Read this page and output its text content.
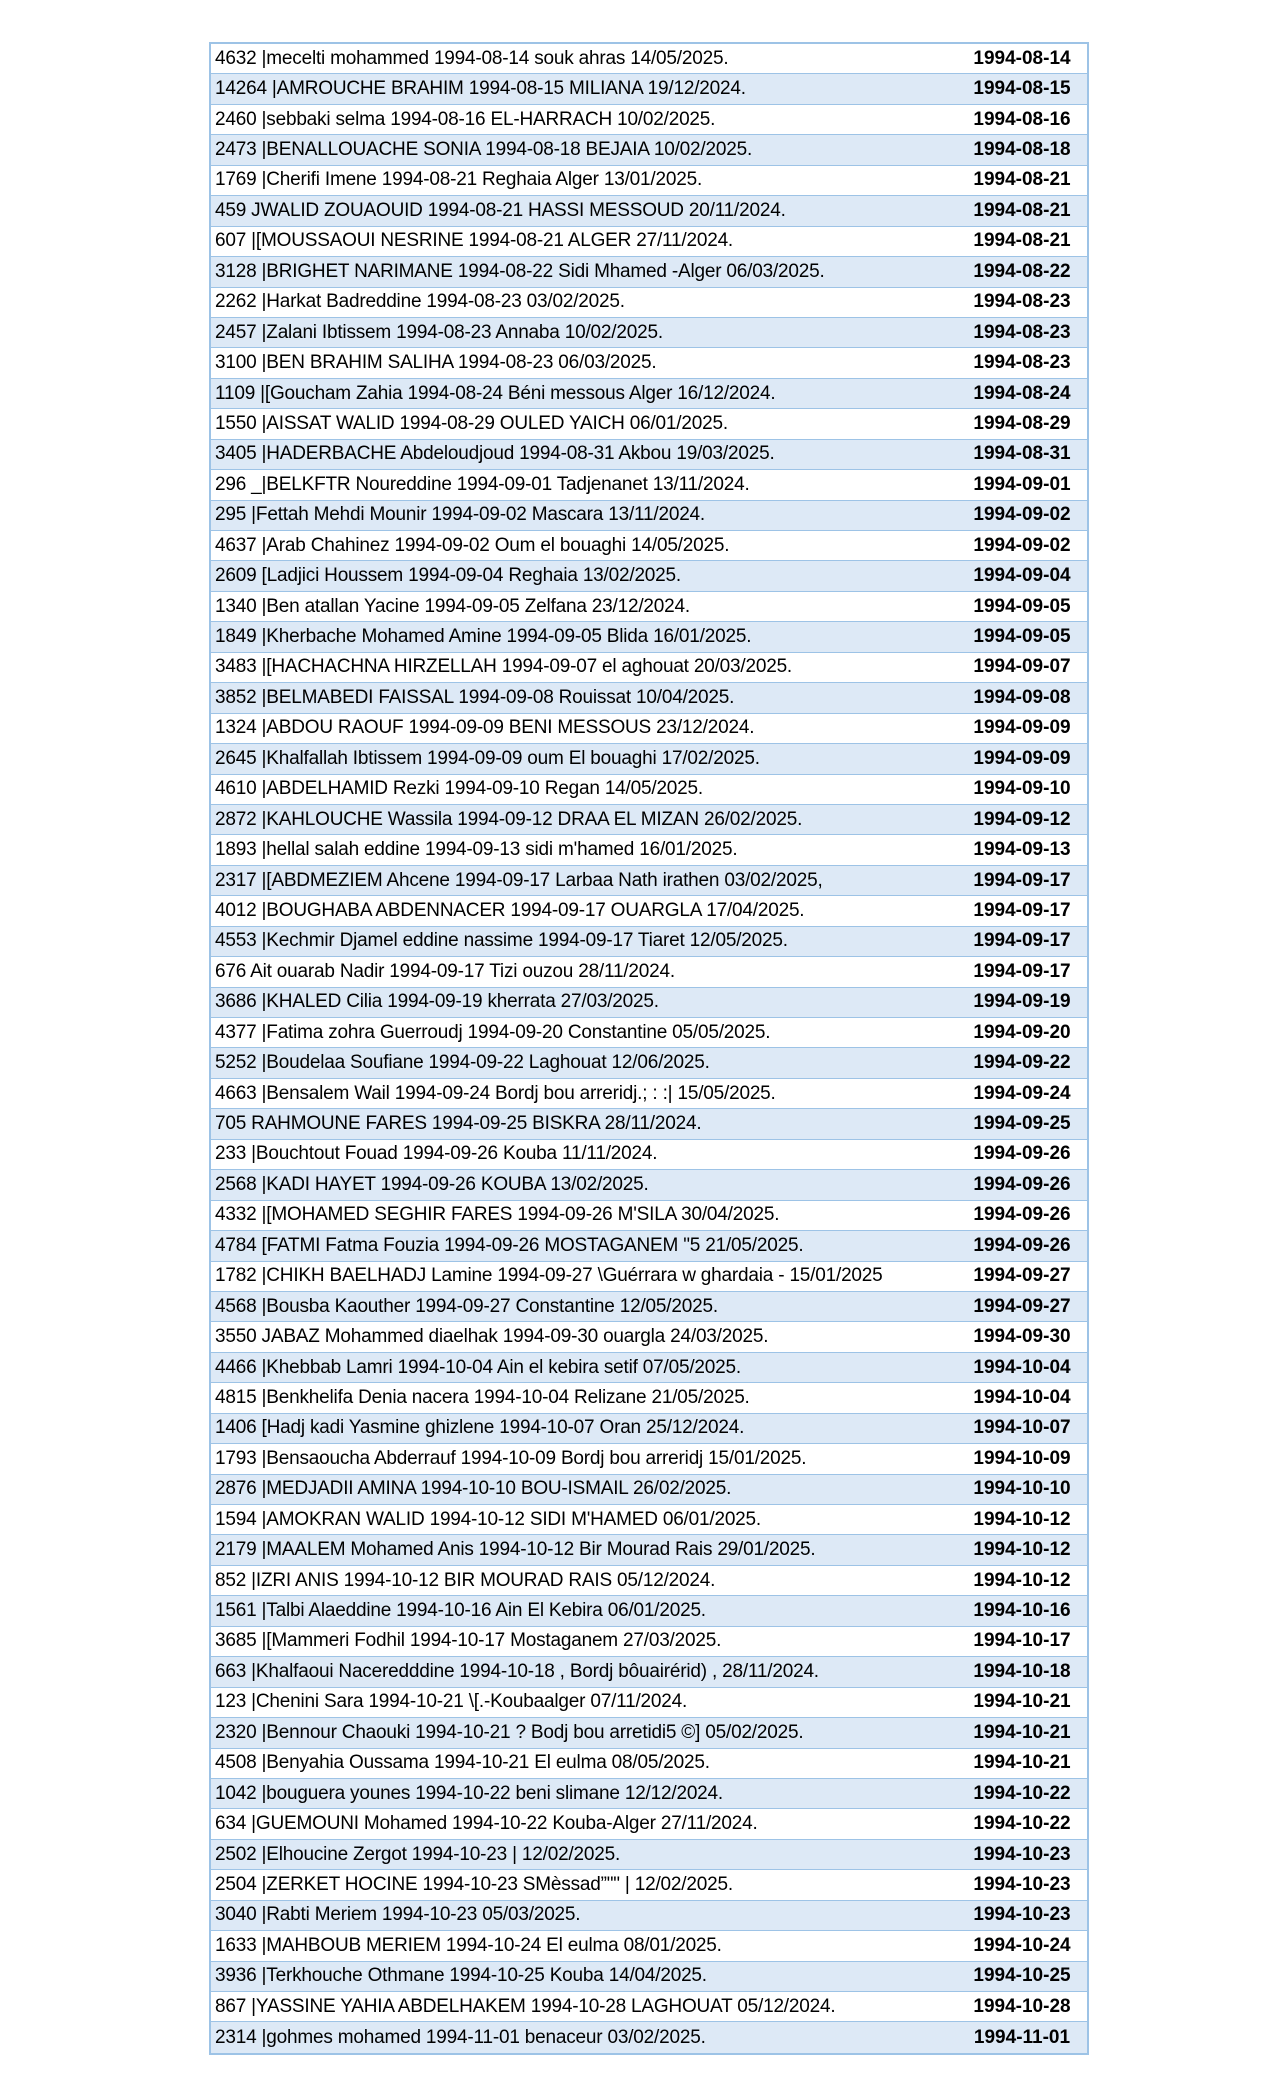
4632 |mecelti mohammed 1994-08-14 souk ahras 14/05/2025.	1994-08-14
14264 |AMROUCHE BRAHIM 1994-08-15 MILIANA 19/12/2024.	1994-08-15
2460 |sebbaki selma 1994-08-16 EL-HARRACH 10/02/2025.	1994-08-16
2473 |BENALLOUACHE SONIA 1994-08-18 BEJAIA 10/02/2025.	1994-08-18
1769 |Cherifi Imene 1994-08-21 Reghaia Alger 13/01/2025.	1994-08-21
459 JWALID ZOUAOUID 1994-08-21 HASSI MESSOUD 20/11/2024.	1994-08-21
607 |[MOUSSAOUI NESRINE 1994-08-21 ALGER 27/11/2024.	1994-08-21
3128 |BRIGHET NARIMANE 1994-08-22 Sidi Mhamed -Alger 06/03/2025.	1994-08-22
2262 |Harkat Badreddine 1994-08-23 03/02/2025.	1994-08-23
2457 |Zalani Ibtissem 1994-08-23 Annaba 10/02/2025.	1994-08-23
3100 |BEN BRAHIM SALIHA 1994-08-23 06/03/2025.	1994-08-23
1109 |[Goucham Zahia 1994-08-24 Béni messous Alger 16/12/2024.	1994-08-24
1550 |AISSAT WALID 1994-08-29 OULED YAICH 06/01/2025.	1994-08-29
3405 |HADERBACHE Abdeloudjoud 1994-08-31 Akbou 19/03/2025.	1994-08-31
296 _|BELKFTR Noureddine 1994-09-01 Tadjenanet 13/11/2024.	1994-09-01
295 |Fettah Mehdi Mounir 1994-09-02 Mascara 13/11/2024.	1994-09-02
4637 |Arab Chahinez 1994-09-02 Oum el bouaghi 14/05/2025.	1994-09-02
2609 [Ladjici Houssem 1994-09-04 Reghaia 13/02/2025.	1994-09-04
1340 |Ben atallan Yacine 1994-09-05 Zelfana 23/12/2024.	1994-09-05
1849 |Kherbache Mohamed Amine 1994-09-05 Blida 16/01/2025.	1994-09-05
3483 |[HACHACHNA HIRZELLAH 1994-09-07 el aghouat 20/03/2025.	1994-09-07
3852 |BELMABEDI FAISSAL 1994-09-08 Rouissat 10/04/2025.	1994-09-08
1324 |ABDOU RAOUF 1994-09-09 BENI MESSOUS 23/12/2024.	1994-09-09
2645 |Khalfallah Ibtissem 1994-09-09 oum El bouaghi 17/02/2025.	1994-09-09
4610 |ABDELHAMID Rezki 1994-09-10 Regan 14/05/2025.	1994-09-10
2872 |KAHLOUCHE Wassila 1994-09-12 DRAA EL MIZAN 26/02/2025.	1994-09-12
1893 |hellal salah eddine 1994-09-13 sidi m'hamed 16/01/2025.	1994-09-13
2317 |[ABDMEZIEM Ahcene 1994-09-17 Larbaa Nath irathen 03/02/2025,	1994-09-17
4012 |BOUGHABA ABDENNACER 1994-09-17 OUARGLA 17/04/2025.	1994-09-17
4553 |Kechmir Djamel eddine nassime 1994-09-17 Tiaret 12/05/2025.	1994-09-17
676 Ait ouarab Nadir 1994-09-17 Tizi ouzou 28/11/2024.	1994-09-17
3686 |KHALED Cilia 1994-09-19 kherrata 27/03/2025.	1994-09-19
4377 |Fatima zohra Guerroudj 1994-09-20 Constantine 05/05/2025.	1994-09-20
5252 |Boudelaa Soufiane 1994-09-22 Laghouat 12/06/2025.	1994-09-22
4663 |Bensalem Wail 1994-09-24 Bordj bou arreridj.; : :| 15/05/2025.	1994-09-24
705 RAHMOUNE FARES 1994-09-25 BISKRA 28/11/2024.	1994-09-25
233 |Bouchtout Fouad 1994-09-26 Kouba 11/11/2024.	1994-09-26
2568 |KADI HAYET 1994-09-26 KOUBA 13/02/2025.	1994-09-26
4332 |[MOHAMED SEGHIR FARES 1994-09-26 M'SILA 30/04/2025.	1994-09-26
4784 [FATMI Fatma Fouzia 1994-09-26 MOSTAGANEM "5 21/05/2025.	1994-09-26
1782 |CHIKH BAELHADJ Lamine 1994-09-27 \Guérrara w ghardaia - 15/01/2025	1994-09-27
4568 |Bousba Kaouther 1994-09-27 Constantine 12/05/2025.	1994-09-27
3550 JABAZ Mohammed diaelhak 1994-09-30 ouargla 24/03/2025.	1994-09-30
4466 |Khebbab Lamri 1994-10-04 Ain el kebira setif 07/05/2025.	1994-10-04
4815 |Benkhelifa Denia nacera 1994-10-04 Relizane 21/05/2025.	1994-10-04
1406 [Hadj kadi Yasmine ghizlene 1994-10-07 Oran 25/12/2024.	1994-10-07
1793 |Bensaoucha Abderrauf 1994-10-09 Bordj bou arreridj 15/01/2025.	1994-10-09
2876 |MEDJADII AMINA 1994-10-10 BOU-ISMAIL 26/02/2025.	1994-10-10
1594 |AMOKRAN WALID 1994-10-12 SIDI M'HAMED 06/01/2025.	1994-10-12
2179 |MAALEM Mohamed Anis 1994-10-12 Bir Mourad Rais 29/01/2025.	1994-10-12
852 |IZRI ANIS 1994-10-12 BIR MOURAD RAIS 05/12/2024.	1994-10-12
1561 |Talbi Alaeddine 1994-10-16 Ain El Kebira 06/01/2025.	1994-10-16
3685 |[Mammeri Fodhil 1994-10-17 Mostaganem 27/03/2025.	1994-10-17
663 |Khalfaoui Naceredddine 1994-10-18 , Bordj bôuairérid) , 28/11/2024.	1994-10-18
123 |Chenini Sara 1994-10-21 \[.-Koubaalger 07/11/2024.	1994-10-21
2320 |Bennour Chaouki 1994-10-21 ? Bodj bou arretidi5 ©] 05/02/2025.	1994-10-21
4508 |Benyahia Oussama 1994-10-21 El eulma 08/05/2025.	1994-10-21
1042 |bouguera younes 1994-10-22 beni slimane 12/12/2024.	1994-10-22
634 |GUEMOUNI Mohamed 1994-10-22 Kouba-Alger 27/11/2024.	1994-10-22
2502 |Elhoucine Zergot 1994-10-23 | 12/02/2025.	1994-10-23
2504 |ZERKET HOCINE 1994-10-23 SMèssad”"" | 12/02/2025.	1994-10-23
3040 |Rabti Meriem 1994-10-23 05/03/2025.	1994-10-23
1633 |MAHBOUB MERIEM 1994-10-24 El eulma 08/01/2025.	1994-10-24
3936 |Terkhouche Othmane 1994-10-25 Kouba 14/04/2025.	1994-10-25
867 |YASSINE YAHIA ABDELHAKEM 1994-10-28 LAGHOUAT 05/12/2024.	1994-10-28
2314 |gohmes mohamed 1994-11-01 benaceur 03/02/2025.	1994-11-01
